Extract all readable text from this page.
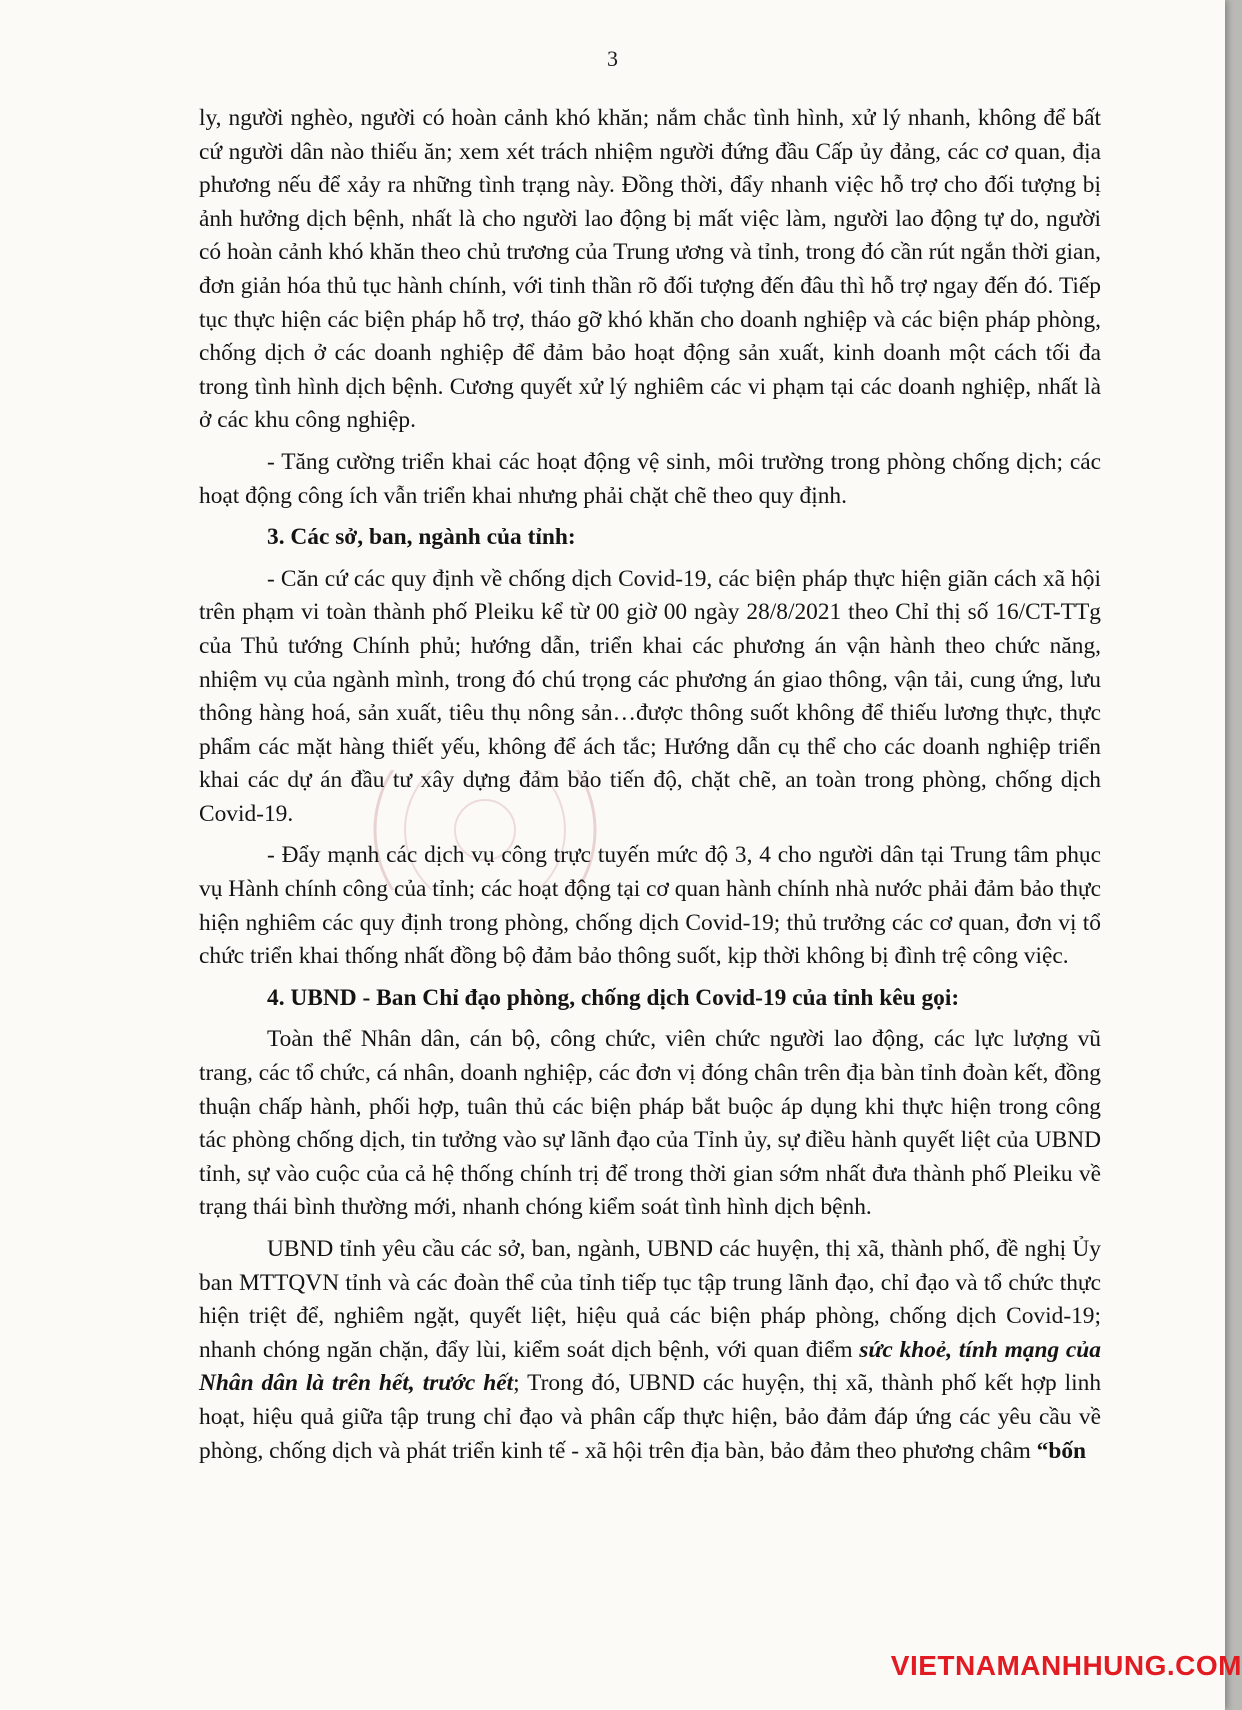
3

ly, người nghèo, người có hoàn cảnh khó khăn; nắm chắc tình hình, xử lý nhanh, không để bất cứ người dân nào thiếu ăn; xem xét trách nhiệm người đứng đầu Cấp ủy đảng, các cơ quan, địa phương nếu để xảy ra những tình trạng này. Đồng thời, đẩy nhanh việc hỗ trợ cho đối tượng bị ảnh hưởng dịch bệnh, nhất là cho người lao động bị mất việc làm, người lao động tự do, người có hoàn cảnh khó khăn theo chủ trương của Trung ương và tỉnh, trong đó cần rút ngắn thời gian, đơn giản hóa thủ tục hành chính, với tinh thần rõ đối tượng đến đâu thì hỗ trợ ngay đến đó. Tiếp tục thực hiện các biện pháp hỗ trợ, tháo gỡ khó khăn cho doanh nghiệp và các biện pháp phòng, chống dịch ở các doanh nghiệp để đảm bảo hoạt động sản xuất, kinh doanh một cách tối đa trong tình hình dịch bệnh. Cương quyết xử lý nghiêm các vi phạm tại các doanh nghiệp, nhất là ở các khu công nghiệp.

- Tăng cường triển khai các hoạt động vệ sinh, môi trường trong phòng chống dịch; các hoạt động công ích vẫn triển khai nhưng phải chặt chẽ theo quy định.

3. Các sở, ban, ngành của tỉnh:

- Căn cứ các quy định về chống dịch Covid-19, các biện pháp thực hiện giãn cách xã hội trên phạm vi toàn thành phố Pleiku kể từ 00 giờ 00 ngày 28/8/2021 theo Chỉ thị số 16/CT-TTg của Thủ tướng Chính phủ; hướng dẫn, triển khai các phương án vận hành theo chức năng, nhiệm vụ của ngành mình, trong đó chú trọng các phương án giao thông, vận tải, cung ứng, lưu thông hàng hoá, sản xuất, tiêu thụ nông sản…được thông suốt không để thiếu lương thực, thực phẩm các mặt hàng thiết yếu, không để ách tắc; Hướng dẫn cụ thể cho các doanh nghiệp triển khai các dự án đầu tư xây dựng đảm bảo tiến độ, chặt chẽ, an toàn trong phòng, chống dịch Covid-19.

- Đẩy mạnh các dịch vụ công trực tuyến mức độ 3, 4 cho người dân tại Trung tâm phục vụ Hành chính công của tỉnh; các hoạt động tại cơ quan hành chính nhà nước phải đảm bảo thực hiện nghiêm các quy định trong phòng, chống dịch Covid-19; thủ trưởng các cơ quan, đơn vị tổ chức triển khai thống nhất đồng bộ đảm bảo thông suốt, kịp thời không bị đình trệ công việc.

4. UBND - Ban Chỉ đạo phòng, chống dịch Covid-19 của tỉnh kêu gọi:

Toàn thể Nhân dân, cán bộ, công chức, viên chức người lao động, các lực lượng vũ trang, các tổ chức, cá nhân, doanh nghiệp, các đơn vị đóng chân trên địa bàn tỉnh đoàn kết, đồng thuận chấp hành, phối hợp, tuân thủ các biện pháp bắt buộc áp dụng khi thực hiện trong công tác phòng chống dịch, tin tưởng vào sự lãnh đạo của Tỉnh ủy, sự điều hành quyết liệt của UBND tỉnh, sự vào cuộc của cả hệ thống chính trị để trong thời gian sớm nhất đưa thành phố Pleiku về trạng thái bình thường mới, nhanh chóng kiểm soát tình hình dịch bệnh.

UBND tỉnh yêu cầu các sở, ban, ngành, UBND các huyện, thị xã, thành phố, đề nghị Ủy ban MTTQVN tỉnh và các đoàn thể của tỉnh tiếp tục tập trung lãnh đạo, chỉ đạo và tổ chức thực hiện triệt để, nghiêm ngặt, quyết liệt, hiệu quả các biện pháp phòng, chống dịch Covid-19; nhanh chóng ngăn chặn, đẩy lùi, kiểm soát dịch bệnh, với quan điểm sức khoẻ, tính mạng của Nhân dân là trên hết, trước hết; Trong đó, UBND các huyện, thị xã, thành phố kết hợp linh hoạt, hiệu quả giữa tập trung chỉ đạo và phân cấp thực hiện, bảo đảm đáp ứng các yêu cầu về phòng, chống dịch và phát triển kinh tế - xã hội trên địa bàn, bảo đảm theo phương châm “bốn

VIETNAMANHHUNG.COM
